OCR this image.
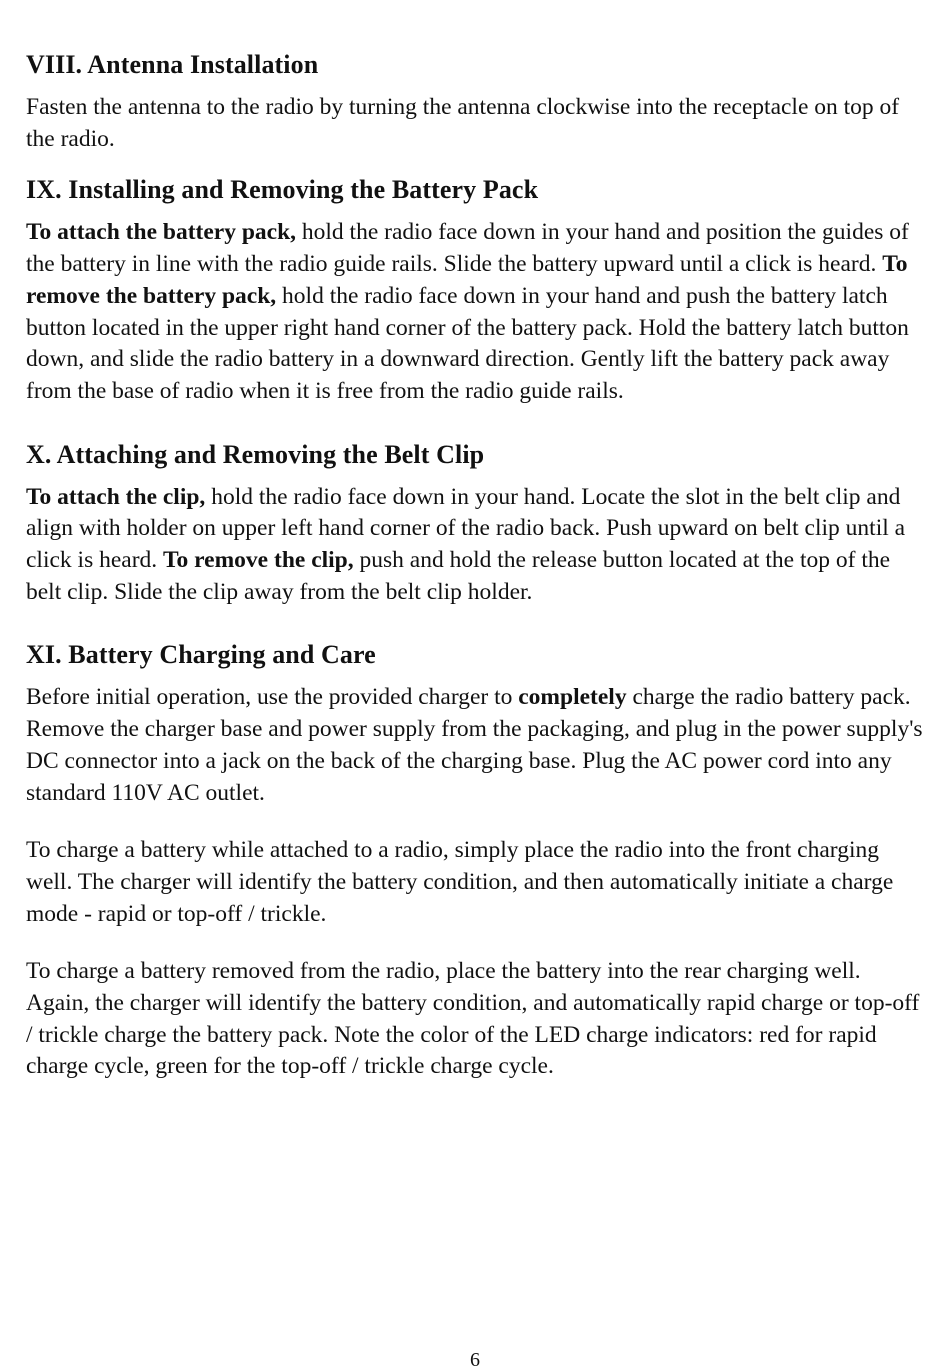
VIII. Antenna Installation

Fasten the antenna to the radio by turning the antenna clockwise into the receptacle on top of the radio.

IX. Installing and Removing the Battery Pack

To attach the battery pack, hold the radio face down in your hand and position the guides of the battery in line with the radio guide rails. Slide the battery upward until a click is heard. To remove the battery pack, hold the radio face down in your hand and push the battery latch button located in the upper right hand corner of the battery pack. Hold the battery latch button down, and slide the radio battery in a downward direction. Gently lift the battery pack away from the base of radio when it is free from the radio guide rails.

X. Attaching and Removing the Belt Clip

To attach the clip, hold the radio face down in your hand. Locate the slot in the belt clip and align with holder on upper left hand corner of the radio back. Push upward on belt clip until a click is heard. To remove the clip, push and hold the release button located at the top of the belt clip. Slide the clip away from the belt clip holder.

XI. Battery Charging and Care

Before initial operation, use the provided charger to completely charge the radio battery pack. Remove the charger base and power supply from the packaging, and plug in the power supply's DC connector into a jack on the back of the charging base. Plug the AC power cord into any standard 110V AC outlet.

To charge a battery while attached to a radio, simply place the radio into the front charging well. The charger will identify the battery condition, and then automatically initiate a charge mode - rapid or top-off / trickle.

To charge a battery removed from the radio, place the battery into the rear charging well. Again, the charger will identify the battery condition, and automatically rapid charge or top-off / trickle charge the battery pack. Note the color of the LED charge indicators: red for rapid charge cycle, green for the top-off / trickle charge cycle.

6
